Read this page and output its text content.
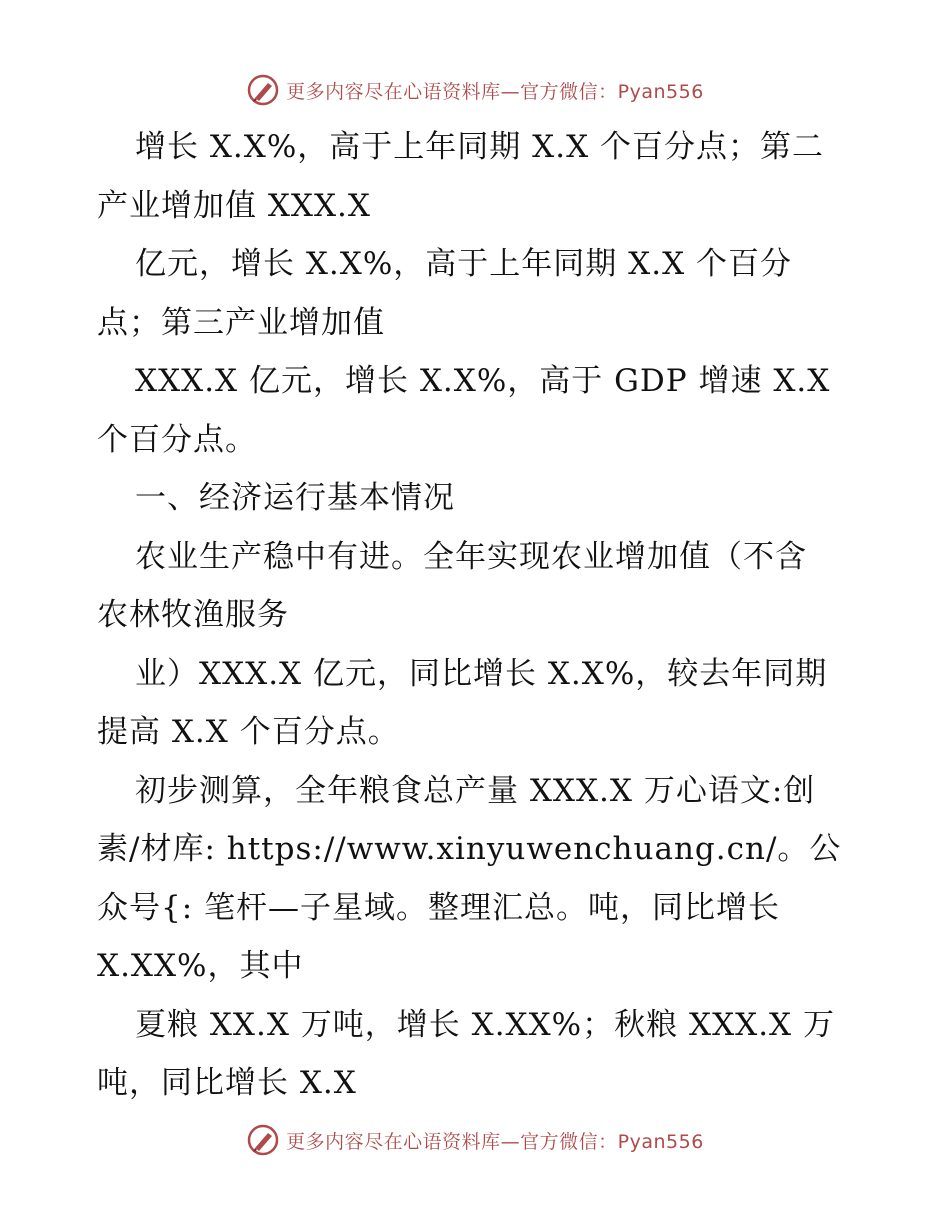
更多内容尽在心语资料库—官方微信：Pyan556
增长 X.X%，高于上年同期 X.X 个百分点；第二
产业增加值 XXX.X
亿元，增长 X.X%，高于上年同期 X.X 个百分
点；第三产业增加值
XXX.X 亿元，增长 X.X%，高于 GDP 增速 X.X
个百分点。
一、经济运行基本情况
农业生产稳中有进。全年实现农业增加值（不含
农林牧渔服务
业）XXX.X 亿元，同比增长 X.X%，较去年同期
提高 X.X 个百分点。
初步测算，全年粮食总产量 XXX.X 万心语文:创
素/材库: https://www.xinyuwenchuang.cn/。公
众号{: 笔杆—子星域。整理汇总。吨，同比增长
X.XX%，其中
夏粮 XX.X 万吨，增长 X.XX%；秋粮 XXX.X 万
吨，同比增长 X.X
更多内容尽在心语资料库—官方微信：Pyan556
